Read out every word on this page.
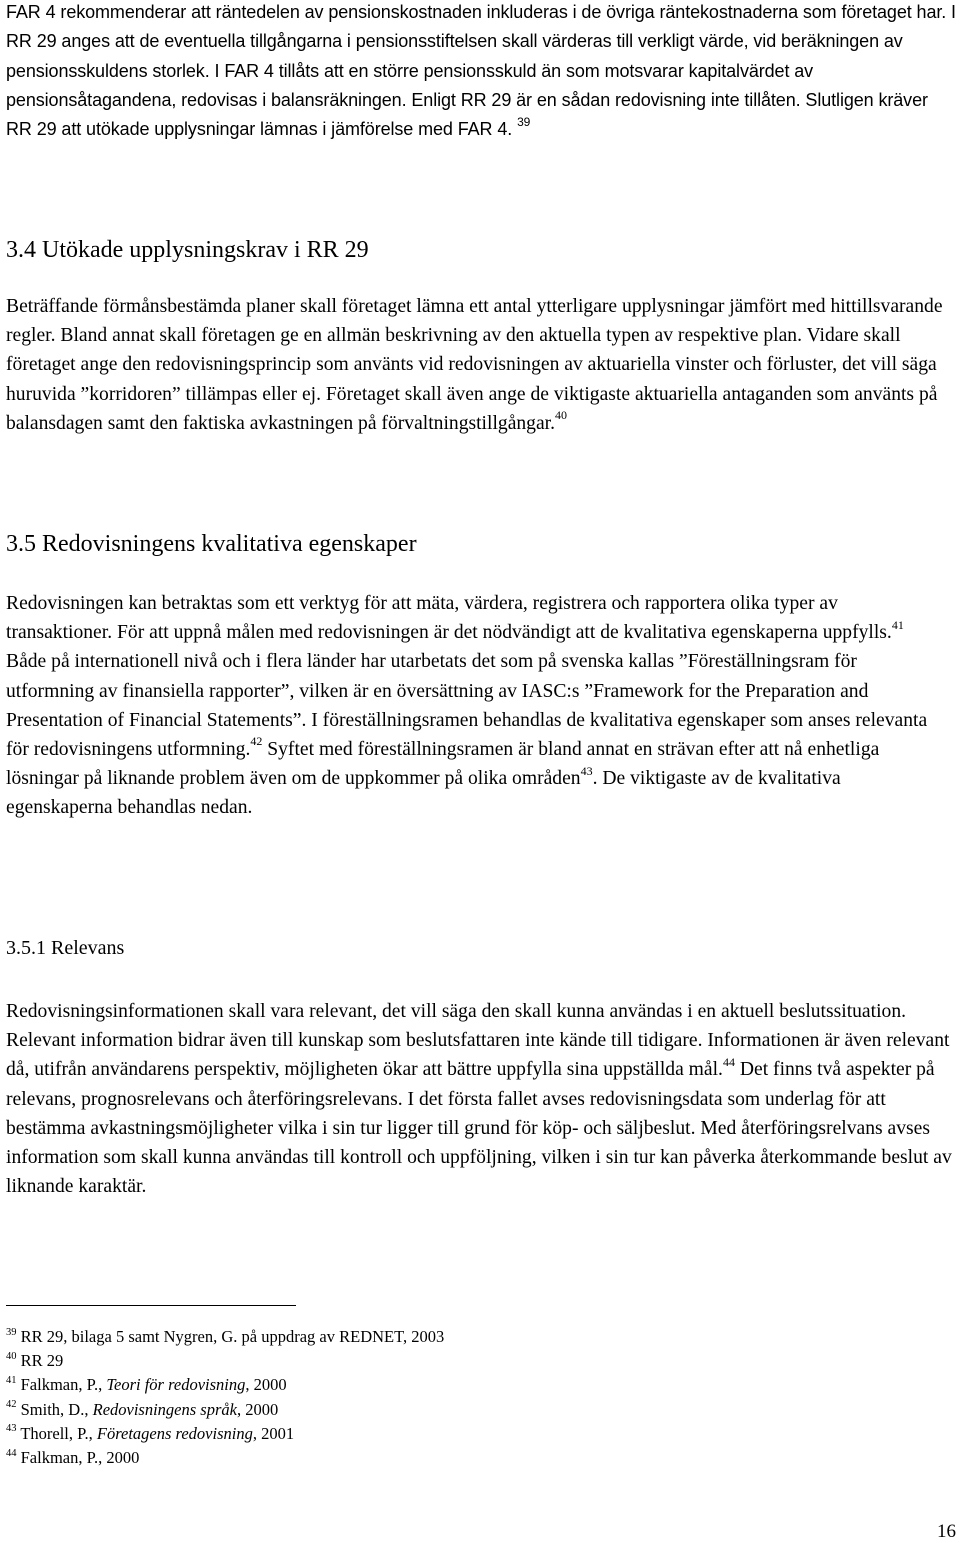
FAR 4 rekommenderar att räntedelen av pensionskostnaden inkluderas i de övriga räntekostnaderna som företaget har. I RR 29 anges att de eventuella tillgångarna i pensionsstiftelsen skall värderas till verkligt värde, vid beräkningen av pensionsskuldens storlek. I FAR 4 tillåts att en större pensionsskuld än som motsvarar kapitalvärdet av pensionsåtagandena, redovisas i balansräkningen. Enligt RR 29 är en sådan redovisning inte tillåten. Slutligen kräver RR 29 att utökade upplysningar lämnas i jämförelse med FAR 4. $^{39}$

3.4 Utökade upplysningskrav i RR 29

Beträffande förmånsbestämda planer skall företaget lämna ett antal ytterligare upplysningar jämfört med hittillsvarande regler. Bland annat skall företagen ge en allmän beskrivning av den aktuella typen av respektive plan. Vidare skall företaget ange den redovisningsprincip som använts vid redovisningen av aktuariella vinster och förluster, det vill säga huruvida ”korridoren” tillämpas eller ej. Företaget skall även ange de viktigaste aktuariella antaganden som använts på balansdagen samt den faktiska avkastningen på förvaltningstillgångar.$^{40}$

3.5 Redovisningens kvalitativa egenskaper

Redovisningen kan betraktas som ett verktyg för att mäta, värdera, registrera och rapportera olika typer av transaktioner. För att uppnå målen med redovisningen är det nödvändigt att de kvalitativa egenskaperna uppfylls.$^{41}$ Både på internationell nivå och i flera länder har utarbetats det som på svenska kallas ”Föreställningsram för utformning av finansiella rapporter”, vilken är en översättning av IASC:s ”Framework for the Preparation and Presentation of Financial Statements”. I föreställningsramen behandlas de kvalitativa egenskaper som anses relevanta för redovisningens utformning.$^{42}$ Syftet med föreställningsramen är bland annat en strävan efter att nå enhetliga lösningar på liknande problem även om de uppkommer på olika områden$^{43}$. De viktigaste av de kvalitativa egenskaperna behandlas nedan.

3.5.1 Relevans

Redovisningsinformationen skall vara relevant, det vill säga den skall kunna användas i en aktuell beslutssituation. Relevant information bidrar även till kunskap som beslutsfattaren inte kände till tidigare. Informationen är även relevant då, utifrån användarens perspektiv, möjligheten ökar att bättre uppfylla sina uppställda mål.$^{44}$ Det finns två aspekter på relevans, prognosrelevans och återföringsrelevans. I det första fallet avses redovisningsdata som underlag för att bestämma avkastningsmöjligheter vilka i sin tur ligger till grund för köp- och säljbeslut. Med återföringsrelvans avses information som skall kunna användas till kontroll och uppföljning, vilken i sin tur kan påverka återkommande beslut av liknande karaktär.

$^{39}$ RR 29, bilaga 5 samt Nygren, G. på uppdrag av REDNET, 2003

$^{40}$ RR 29

$^{41}$ Falkman, P., Teori för redovisning, 2000

$^{42}$ Smith, D., Redovisningens språk, 2000

$^{43}$ Thorell, P., Företagens redovisning, 2001

$^{44}$ Falkman, P., 2000

16
